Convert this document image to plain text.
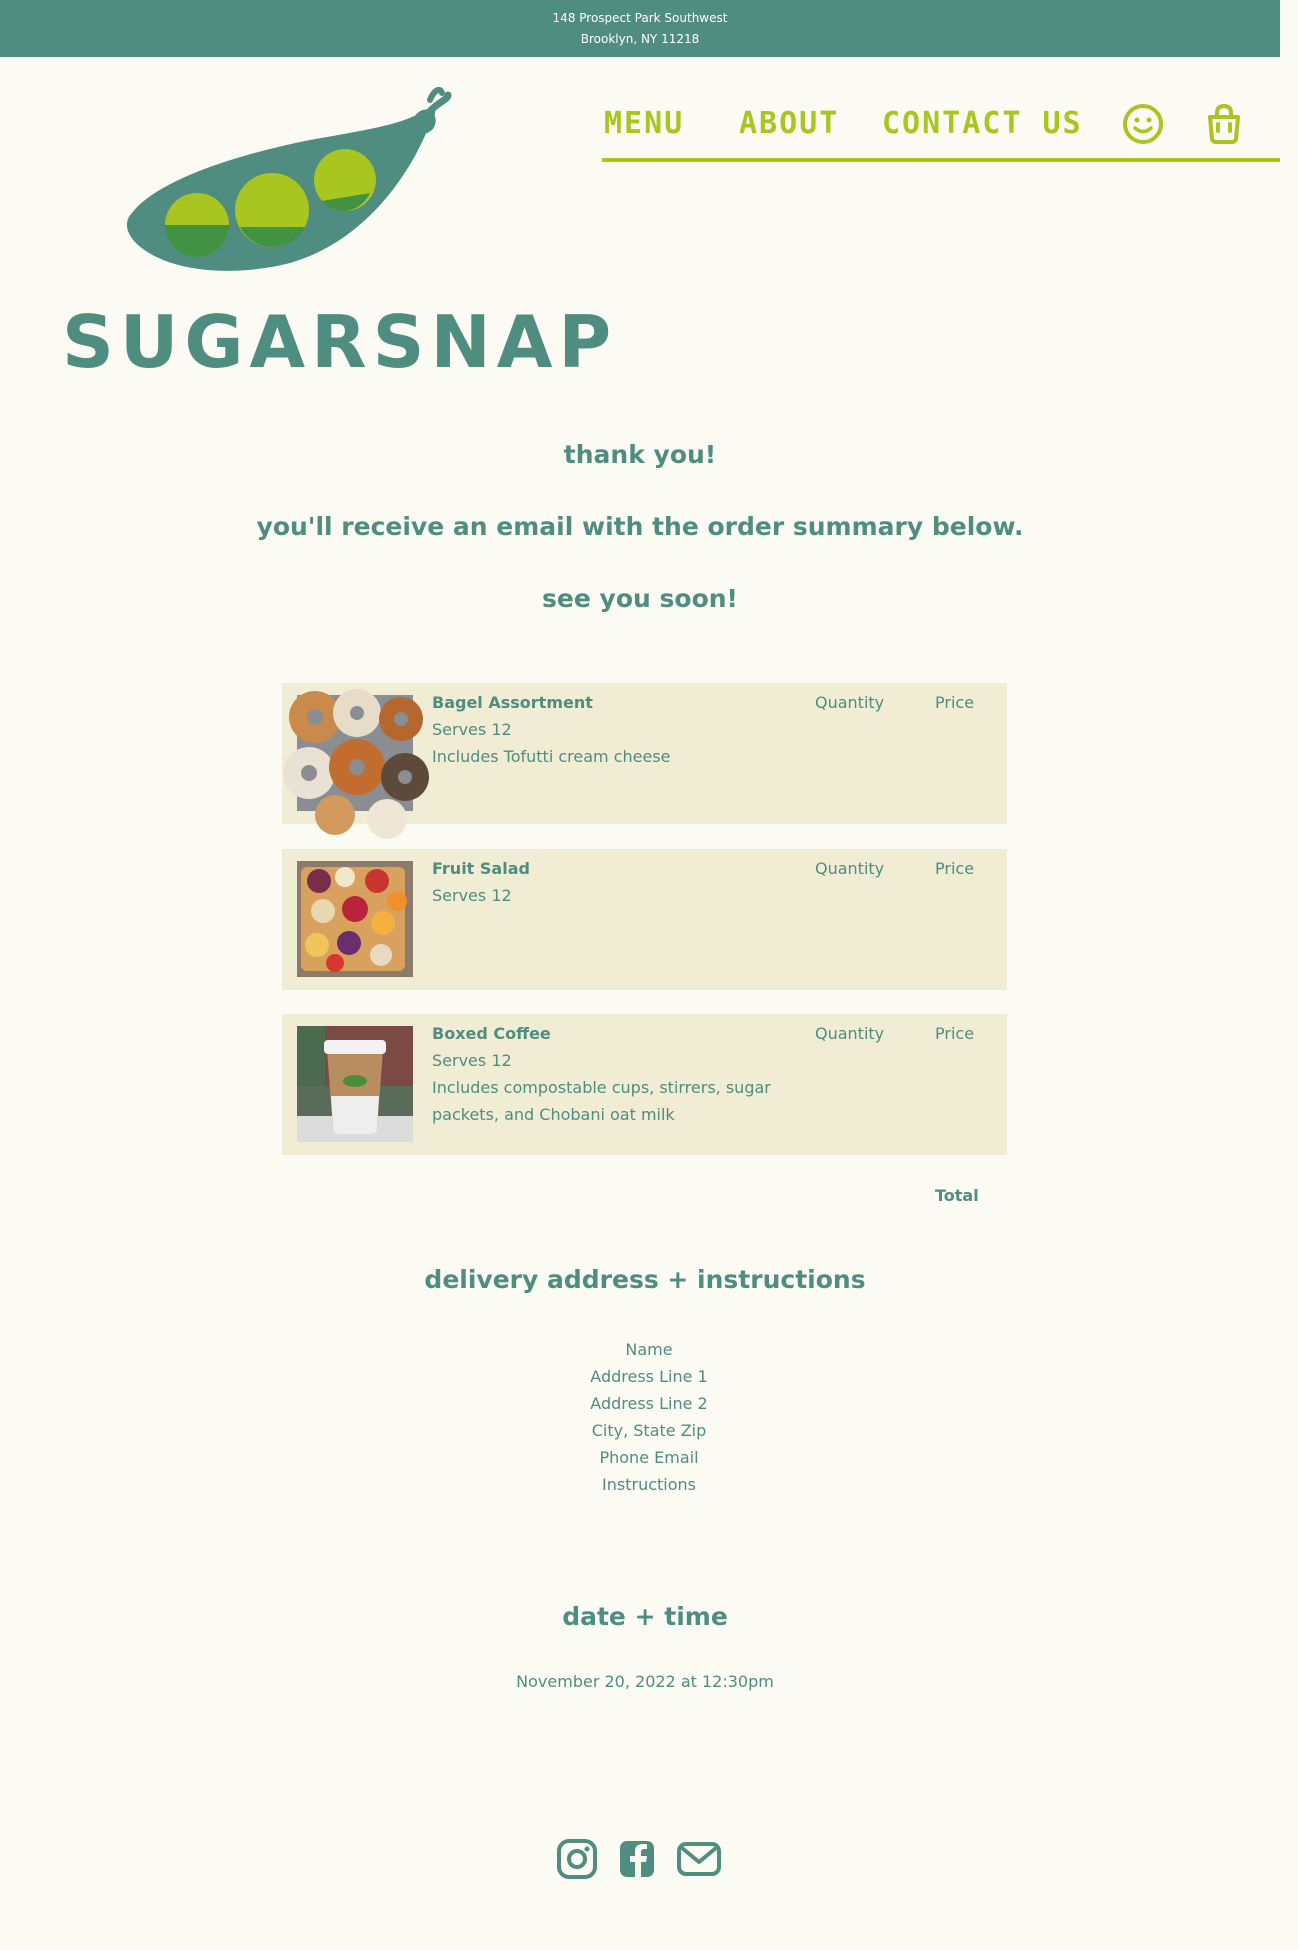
148 Prospect Park Southwest
Brooklyn, NY 11218
SUGARSNAP
MENU ABOUT CONTACT US
thank you!
you'll receive an email with the order summary below.
see you soon!
Bagel Assortment
Serves 12
Includes Tofutti cream cheese
Quantity	Price
Fruit Salad
Serves 12
Quantity	Price
Boxed Coffee
Serves 12
Includes compostable cups, stirrers, sugar packets, and Chobani oat milk
Quantity	Price
Total
delivery address + instructions
Name
Address Line 1
Address Line 2
City, State Zip
Phone Email
Instructions
date + time
November 20, 2022 at 12:30pm
